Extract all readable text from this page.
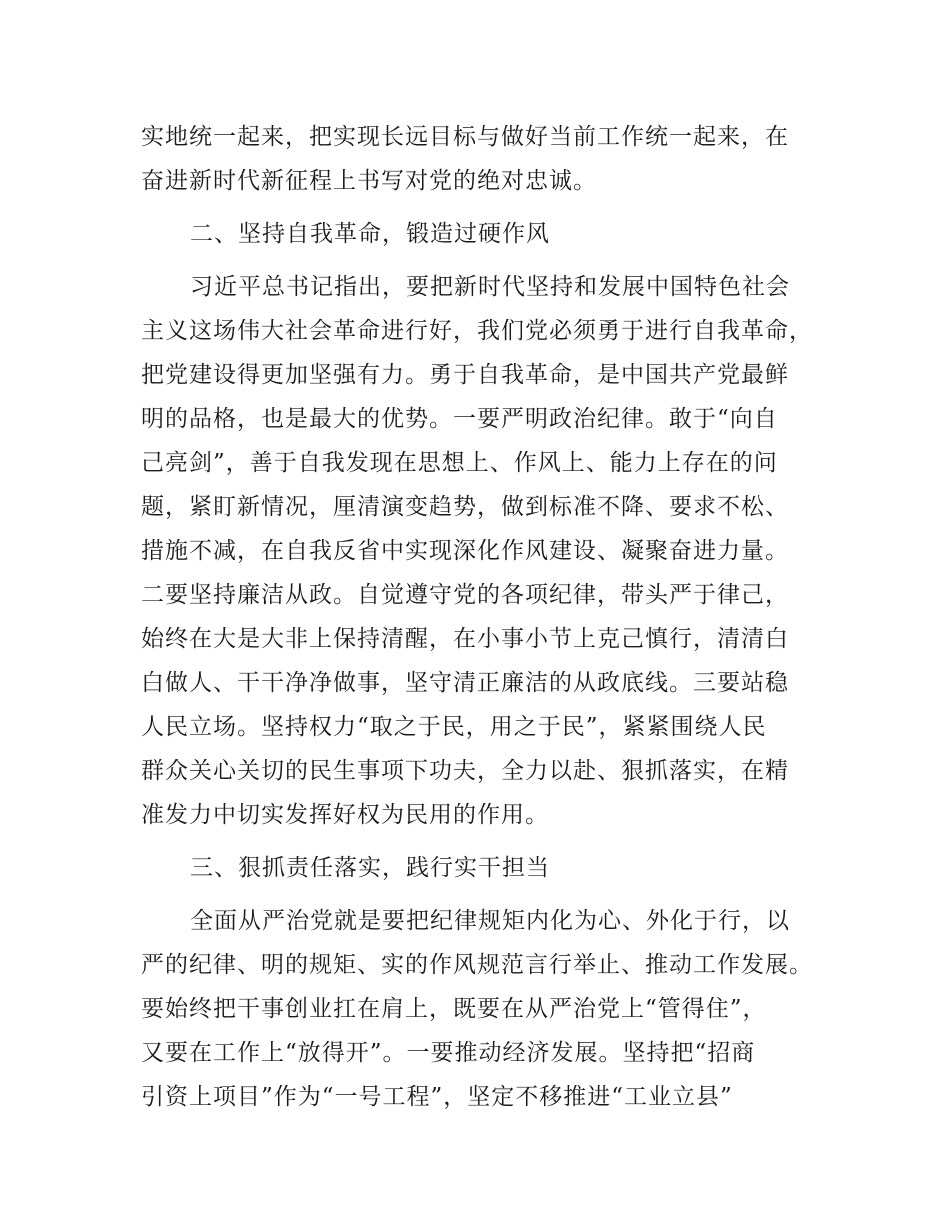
实地统一起来，把实现长远目标与做好当前工作统一起来，在
奋进新时代新征程上书写对党的绝对忠诚。
二、坚持自我革命，锻造过硬作风
习近平总书记指出，要把新时代坚持和发展中国特色社会
主义这场伟大社会革命进行好，我们党必须勇于进行自我革命，
把党建设得更加坚强有力。勇于自我革命，是中国共产党最鲜
明的品格，也是最大的优势。一要严明政治纪律。敢于“向自
己亮剑”，善于自我发现在思想上、作风上、能力上存在的问
题，紧盯新情况，厘清演变趋势，做到标准不降、要求不松、
措施不减，在自我反省中实现深化作风建设、凝聚奋进力量。
二要坚持廉洁从政。自觉遵守党的各项纪律，带头严于律己，
始终在大是大非上保持清醒，在小事小节上克己慎行，清清白
白做人、干干净净做事，坚守清正廉洁的从政底线。三要站稳
人民立场。坚持权力“取之于民，用之于民”，紧紧围绕人民
群众关心关切的民生事项下功夫，全力以赴、狠抓落实，在精
准发力中切实发挥好权为民用的作用。
三、狠抓责任落实，践行实干担当
全面从严治党就是要把纪律规矩内化为心、外化于行，以
严的纪律、明的规矩、实的作风规范言行举止、推动工作发展。
要始终把干事创业扛在肩上，既要在从严治党上“管得住”，
又要在工作上“放得开”。一要推动经济发展。坚持把“招商
引资上项目”作为“一号工程”，坚定不移推进“工业立县”
